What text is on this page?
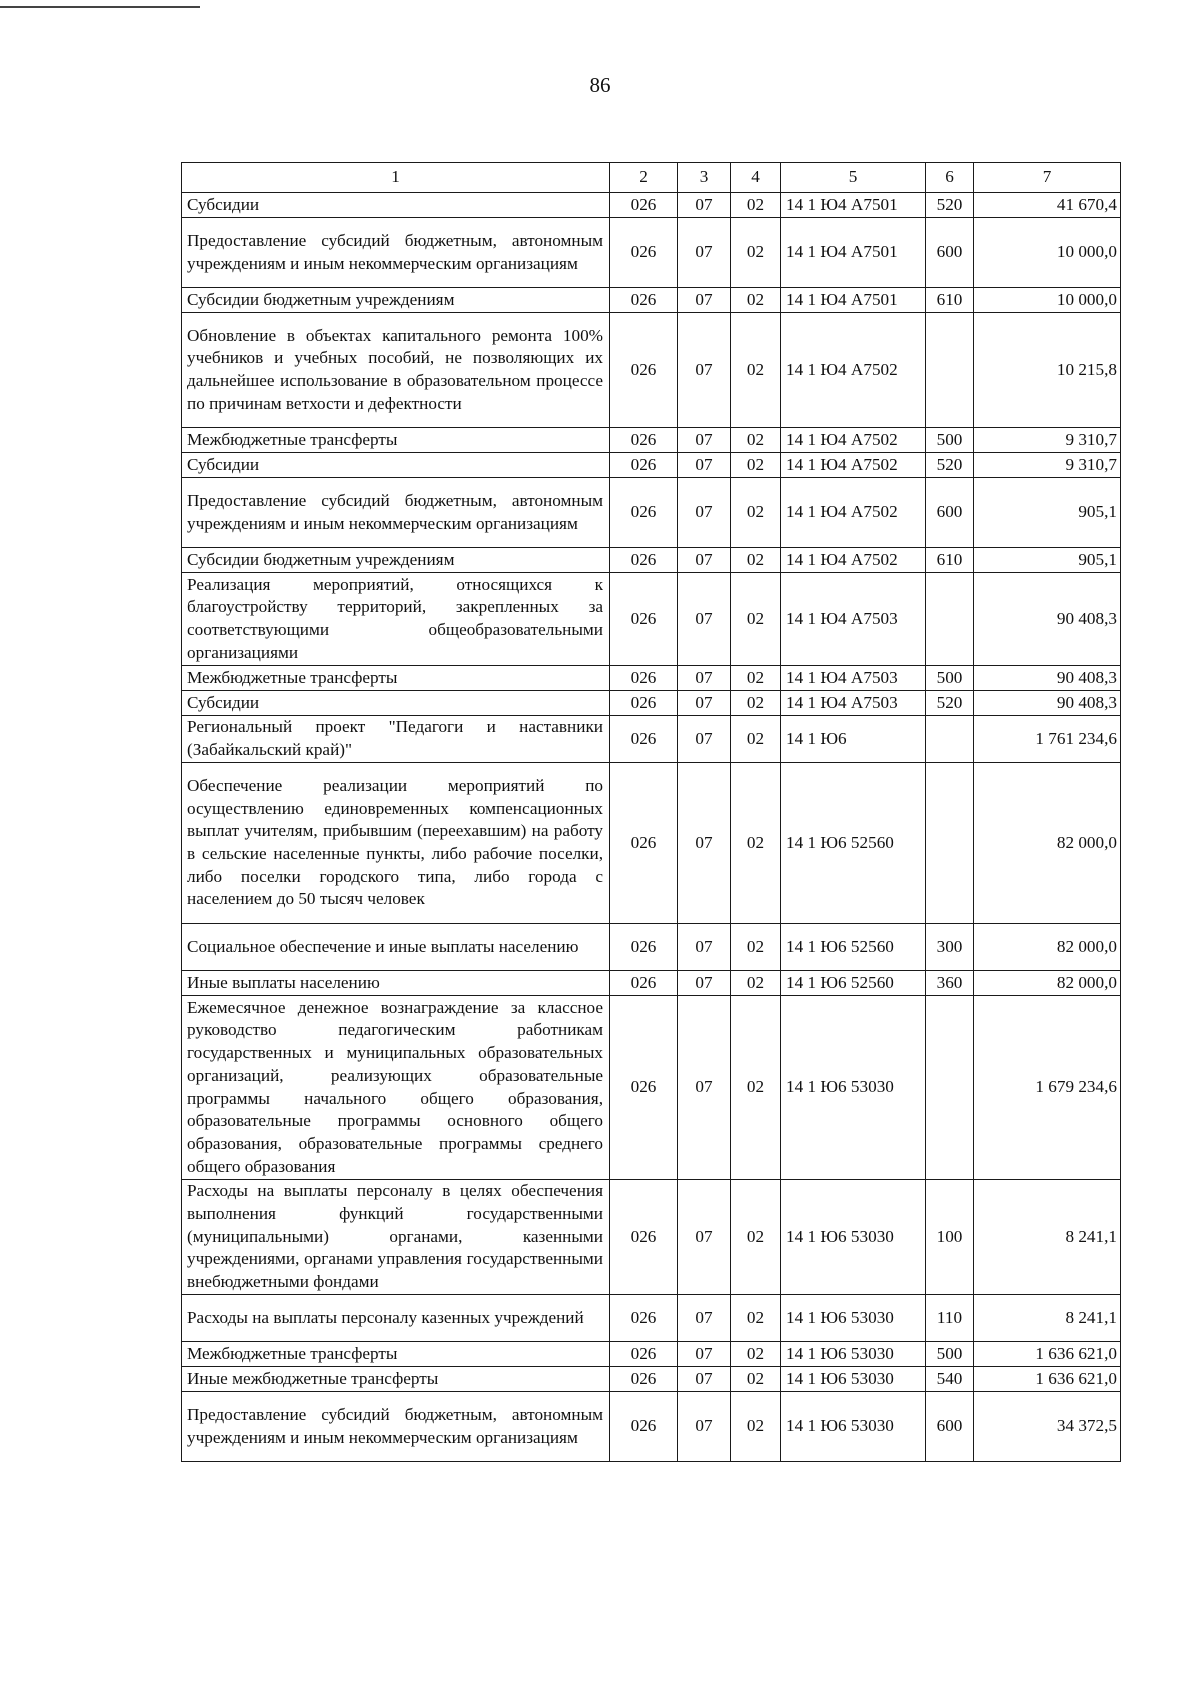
86
1	2	3	4	5	6	7
Субсидии	026	07	02	14 1 Ю4 А7501	520	41 670,4
Предоставление субсидий бюджетным, автономным учреждениям и иным некоммерческим организациям	026	07	02	14 1 Ю4 А7501	600	10 000,0
Субсидии бюджетным учреждениям	026	07	02	14 1 Ю4 А7501	610	10 000,0
Обновление в объектах капитального ремонта 100% учебников и учебных пособий, не позволяющих их дальнейшее использование в образовательном процессе по причинам ветхости и дефектности	026	07	02	14 1 Ю4 А7502		10 215,8
Межбюджетные трансферты	026	07	02	14 1 Ю4 А7502	500	9 310,7
Субсидии	026	07	02	14 1 Ю4 А7502	520	9 310,7
Предоставление субсидий бюджетным, автономным учреждениям и иным некоммерческим организациям	026	07	02	14 1 Ю4 А7502	600	905,1
Субсидии бюджетным учреждениям	026	07	02	14 1 Ю4 А7502	610	905,1
Реализация мероприятий, относящихся к благоустройству территорий, закрепленных за соответствующими общеобразовательными организациями	026	07	02	14 1 Ю4 А7503		90 408,3
Межбюджетные трансферты	026	07	02	14 1 Ю4 А7503	500	90 408,3
Субсидии	026	07	02	14 1 Ю4 А7503	520	90 408,3
Региональный проект "Педагоги и наставники (Забайкальский край)"	026	07	02	14 1 Ю6		1 761 234,6
Обеспечение реализации мероприятий по осуществлению единовременных компенсационных выплат учителям, прибывшим (переехавшим) на работу в сельские населенные пункты, либо рабочие поселки, либо поселки городского типа, либо города с населением до 50 тысяч человек	026	07	02	14 1 Ю6 52560		82 000,0
Социальное обеспечение и иные выплаты населению	026	07	02	14 1 Ю6 52560	300	82 000,0
Иные выплаты населению	026	07	02	14 1 Ю6 52560	360	82 000,0
Ежемесячное денежное вознаграждение за классное руководство педагогическим работникам государственных и муниципальных образовательных организаций, реализующих образовательные программы начального общего образования, образовательные программы основного общего образования, образовательные программы среднего общего образования	026	07	02	14 1 Ю6 53030		1 679 234,6
Расходы на выплаты персоналу в целях обеспечения выполнения функций государственными (муниципальными) органами, казенными учреждениями, органами управления государственными внебюджетными фондами	026	07	02	14 1 Ю6 53030	100	8 241,1
Расходы на выплаты персоналу казенных учреждений	026	07	02	14 1 Ю6 53030	110	8 241,1
Межбюджетные трансферты	026	07	02	14 1 Ю6 53030	500	1 636 621,0
Иные межбюджетные трансферты	026	07	02	14 1 Ю6 53030	540	1 636 621,0
Предоставление субсидий бюджетным, автономным учреждениям и иным некоммерческим организациям	026	07	02	14 1 Ю6 53030	600	34 372,5
